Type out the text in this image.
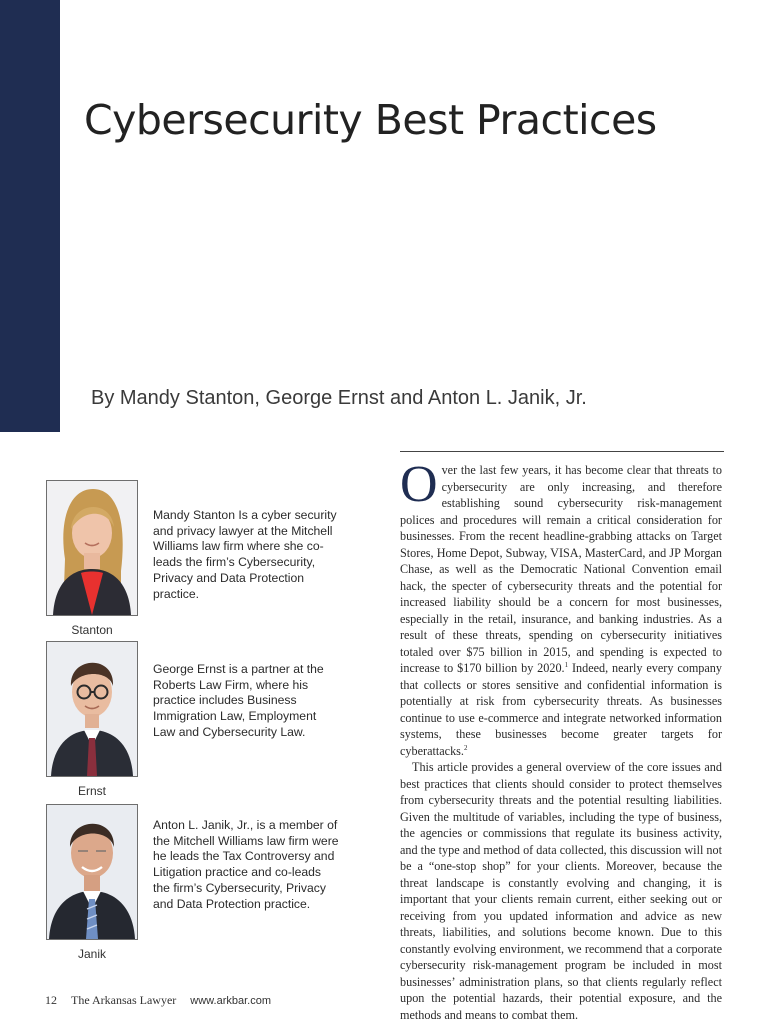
Cybersecurity Best Practices
By Mandy Stanton, George Ernst and Anton L. Janik, Jr.
Stanton
Mandy Stanton Is a cyber security and privacy lawyer at the Mitchell Williams law firm where she co-leads the firm’s Cybersecurity, Privacy and Data Protection practice.
Ernst
George Ernst is a partner at the Roberts Law Firm, where his practice includes Business Immigration Law, Employment Law and Cybersecurity Law.
Janik
Anton L. Janik, Jr., is a member of the Mitchell Williams law firm were he leads the Tax Controversy and Litigation practice and co-leads the firm’s Cybersecurity, Privacy and Data Protection practice.

Over the last few years, it has become clear that threats to cybersecurity are only increasing, and therefore establishing sound cybersecurity risk-management polices and procedures will remain a critical consideration for businesses. From the recent headline-grabbing attacks on Target Stores, Home Depot, Subway, VISA, MasterCard, and JP Morgan Chase, as well as the Democratic National Convention email hack, the specter of cybersecurity threats and the potential for increased liability should be a concern for most businesses, especially in the retail, insurance, and banking industries. As a result of these threats, spending on cybersecurity initiatives totaled over $75 billion in 2015, and spending is expected to increase to $170 billion by 2020.$^1$ Indeed, nearly every company that collects or stores sensitive and confidential information is potentially at risk from cybersecurity threats. As businesses continue to use e-commerce and integrate networked information systems, these businesses become greater targets for cyberattacks.$^2$

This article provides a general overview of the core issues and best practices that clients should consider to protect themselves from cybersecurity threats and the potential resulting liabilities. Given the multitude of variables, including the type of business, the agencies or commissions that regulate its business activity, and the type and method of data collected, this discussion will not be a “one-stop shop” for your clients. Moreover, because the threat landscape is constantly evolving and changing, it is important that your clients remain current, either seeking out or receiving from you updated information and advice as new threats, liabilities, and solutions become known. Due to this constantly evolving environment, we recommend that a corporate cybersecurity risk-management program be included in most businesses’ administration plans, so that clients regularly reflect upon the potential hazards, their potential exposure, and the methods and means to combat them.

12 The Arkansas Lawyer www.arkbar.com
